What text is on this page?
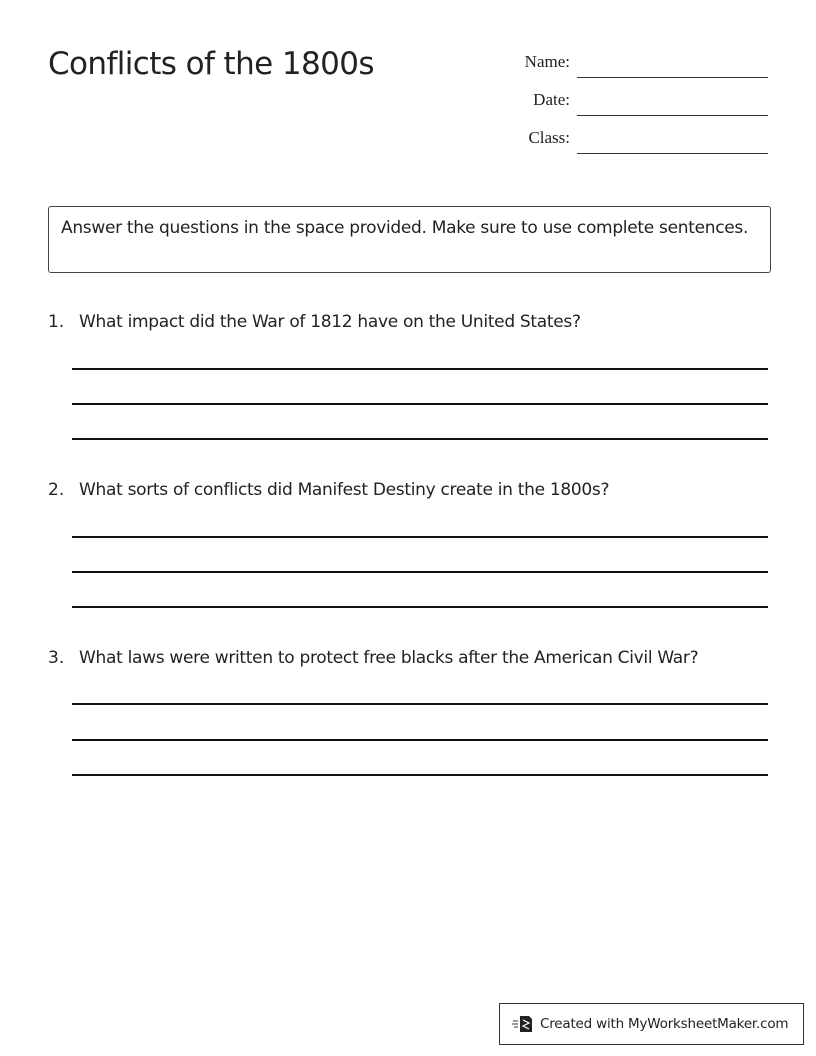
Conflicts of the 1800s	Name:
Date:
Class:
Answer the questions in the space provided. Make sure to use complete sentences.
1. What impact did the War of 1812 have on the United States?
2. What sorts of conflicts did Manifest Destiny create in the 1800s?
3. What laws were written to protect free blacks after the American Civil War?
Created with MyWorksheetMaker.com
